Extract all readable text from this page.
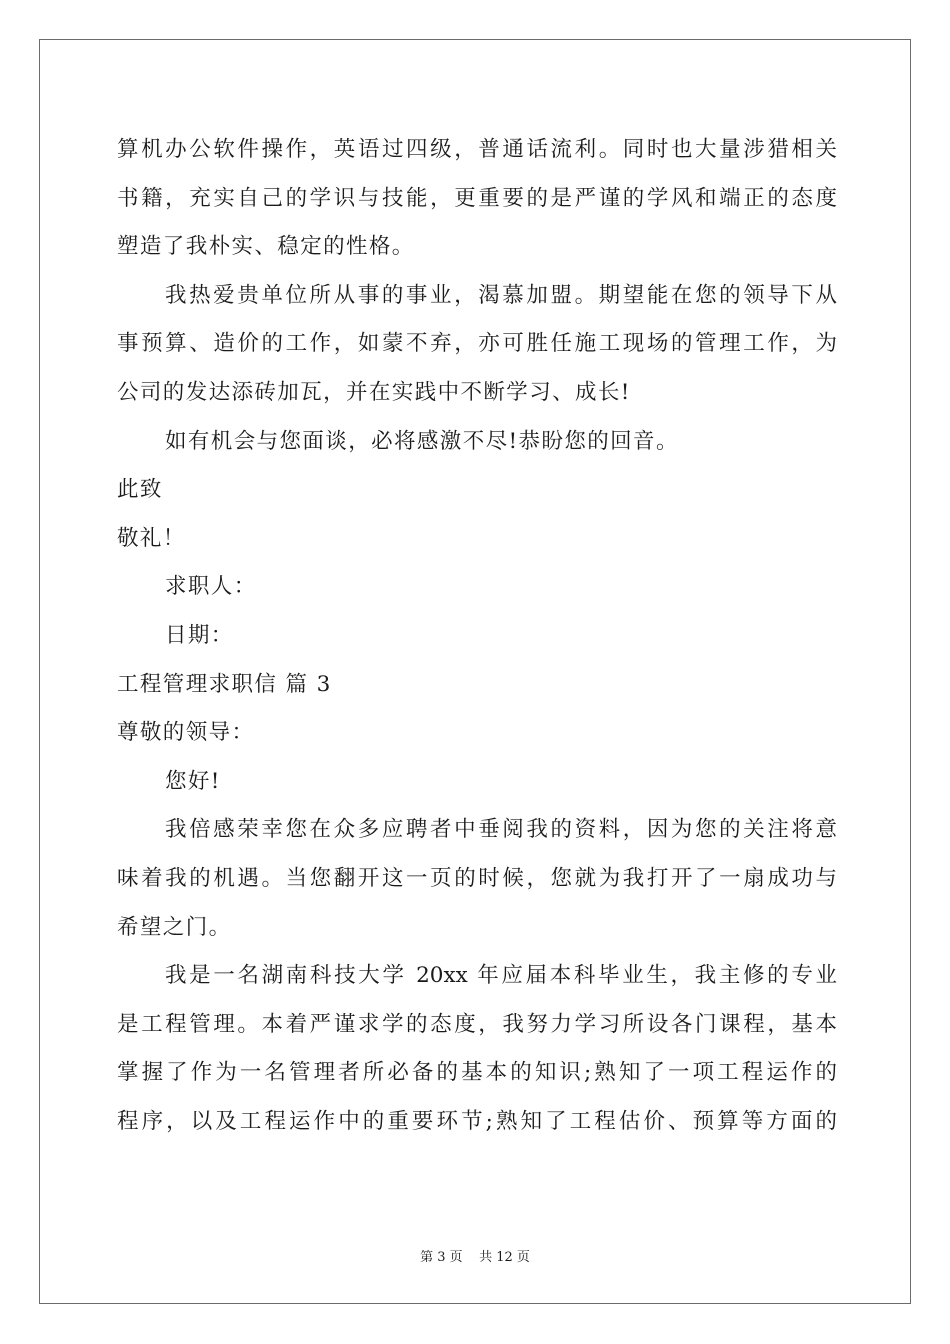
算机办公软件操作，英语过四级，普通话流利。同时也大量涉猎相关
书籍，充实自己的学识与技能，更重要的是严谨的学风和端正的态度
塑造了我朴实、稳定的性格。
我热爱贵单位所从事的事业，渴慕加盟。期望能在您的领导下从
事预算、造价的工作，如蒙不弃，亦可胜任施工现场的管理工作，为
公司的发达添砖加瓦，并在实践中不断学习、成长!
如有机会与您面谈，必将感激不尽!恭盼您的回音。
此致
敬礼！
求职人：
日期：
工程管理求职信 篇 3
尊敬的领导：
您好!
我倍感荣幸您在众多应聘者中垂阅我的资料，因为您的关注将意
味着我的机遇。当您翻开这一页的时候，您就为我打开了一扇成功与
希望之门。
我是一名湖南科技大学 20xx 年应届本科毕业生，我主修的专业
是工程管理。本着严谨求学的态度，我努力学习所设各门课程，基本
掌握了作为一名管理者所必备的基本的知识;熟知了一项工程运作的
程序，以及工程运作中的重要环节;熟知了工程估价、预算等方面的
第 3 页    共 12 页
